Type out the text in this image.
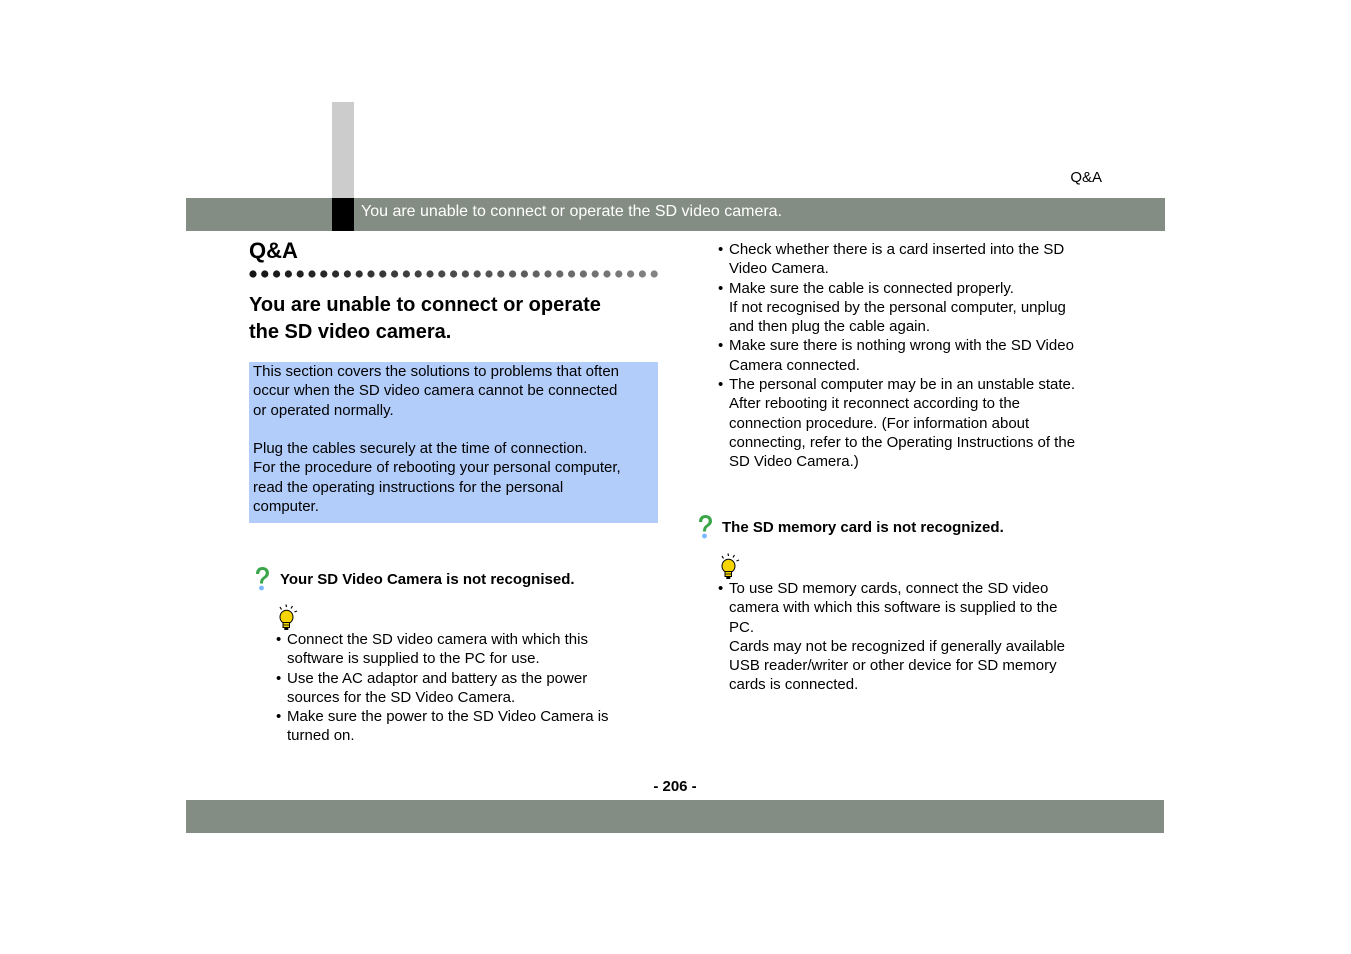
You are unable to connect or operate the SD video camera.
Q&A
Q&A
You are unable to connect or operate
the SD video camera.

This section covers the solutions to problems that often

occur when the SD video camera cannot be connected

or operated normally.

Plug the cables securely at the time of connection.

For the procedure of rebooting your personal computer,

read the operating instructions for the personal

computer.

Your SD Video Camera is not recognised.
• Connect the SD video camera with which this
software is supplied to the PC for use.
• Use the AC adaptor and battery as the power
sources for the SD Video Camera.
• Make sure the power to the SD Video Camera is
turned on.
• Check whether there is a card inserted into the SD
Video Camera.
• Make sure the cable is connected properly.
If not recognised by the personal computer, unplug
and then plug the cable again.
• Make sure there is nothing wrong with the SD Video
Camera connected.
• The personal computer may be in an unstable state.
After rebooting it reconnect according to the
connection procedure. (For information about
connecting, refer to the Operating Instructions of the
SD Video Camera.)
The SD memory card is not recognized.
• To use SD memory cards, connect the SD video
camera with which this software is supplied to the
PC.
Cards may not be recognized if generally available
USB reader/writer or other device for SD memory
cards is connected.
- 206 -
